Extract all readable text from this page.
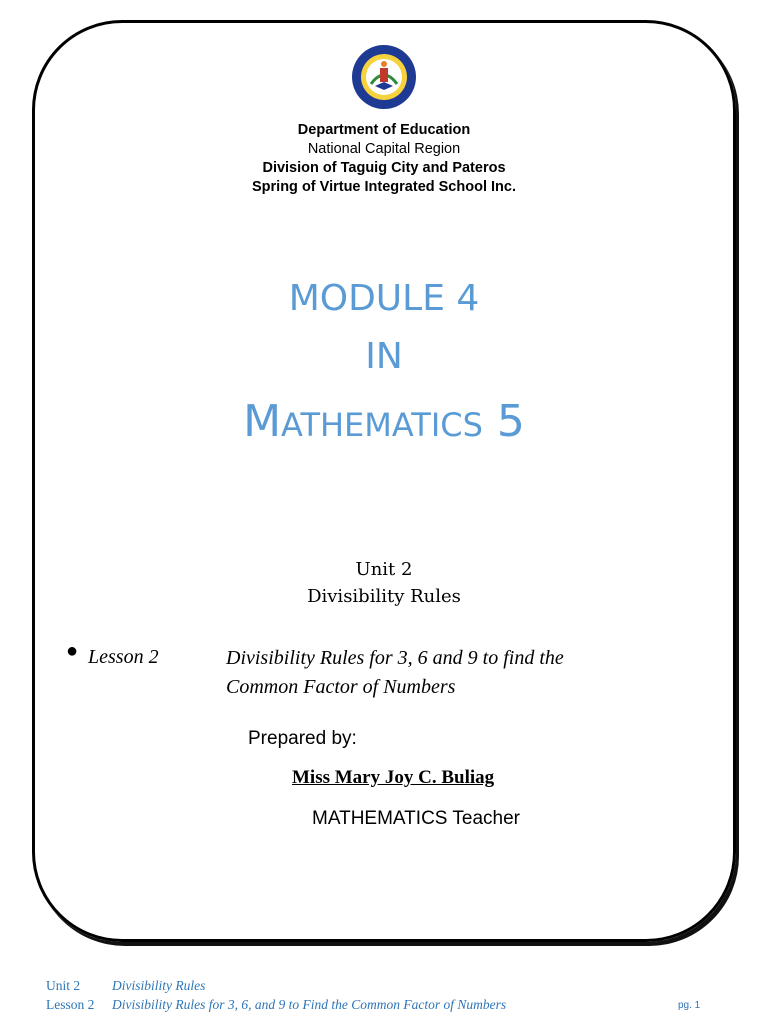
Department of Education
National Capital Region
Division of Taguig City and Pateros
Spring of Virtue Integrated School Inc.
MODULE 4
IN
MATHEMATICS 5
Unit 2
Divisibility Rules
● Lesson 2	Divisibility Rules for 3, 6 and 9 to find the
Common Factor of Numbers
Prepared by:
Miss Mary Joy C. Buliag
MATHEMATICS Teacher
Unit 2 Divisibility Rules
Lesson 2 Divisibility Rules for 3, 6, and 9 to Find the Common Factor of Numbers	pg. 1
